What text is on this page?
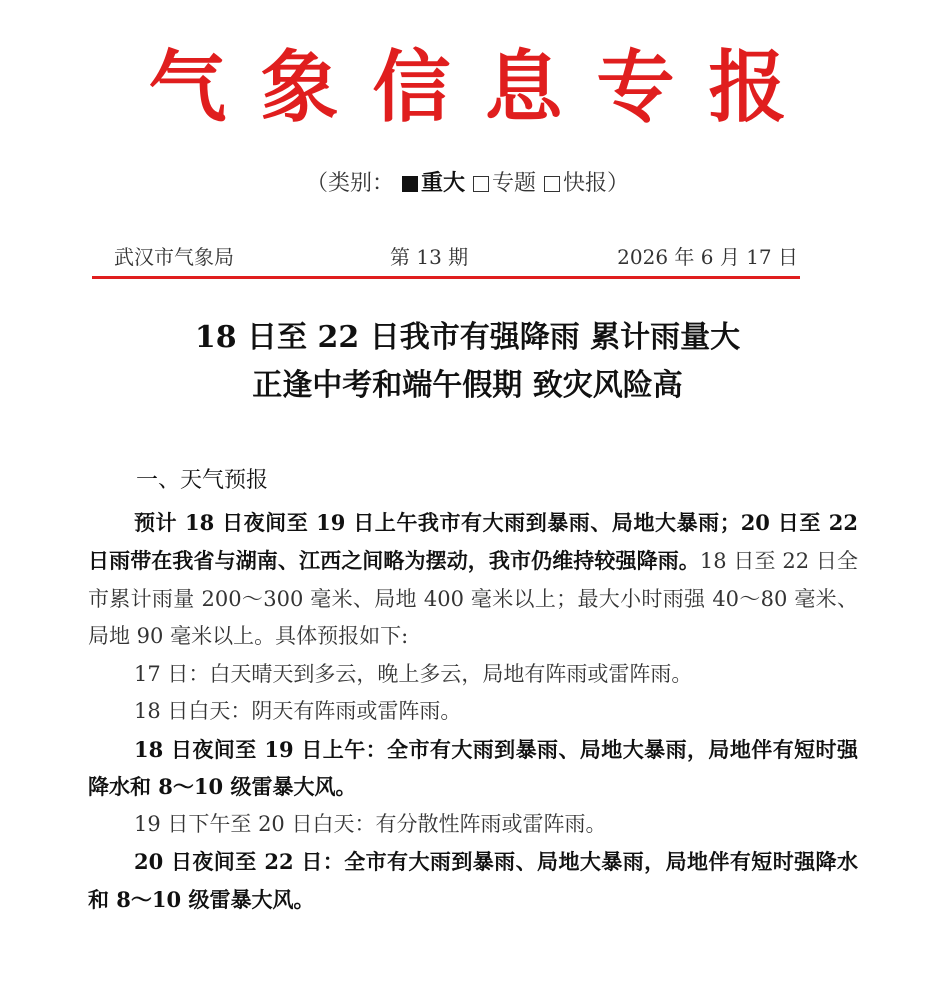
气象信息专报
（类别： 重大 专题 快报）
武汉市气象局	第 13 期	2026 年 6 月 17 日
18 日至 22 日我市有强降雨 累计雨量大
正逢中考和端午假期 致灾风险高

一、天气预报

预计 18 日夜间至 19 日上午我市有大雨到暴雨、局地大暴雨；20 日至 22 日雨带在我省与湖南、江西之间略为摆动，我市仍维持较强降雨。18 日至 22 日全市累计雨量 200～300 毫米、局地 400 毫米以上；最大小时雨强 40～80 毫米、局地 90 毫米以上。具体预报如下:

17 日：白天晴天到多云，晚上多云，局地有阵雨或雷阵雨。

18 日白天：阴天有阵雨或雷阵雨。

18 日夜间至 19 日上午：全市有大雨到暴雨、局地大暴雨，局地伴有短时强降水和 8～10 级雷暴大风。

19 日下午至 20 日白天：有分散性阵雨或雷阵雨。

20 日夜间至 22 日：全市有大雨到暴雨、局地大暴雨，局地伴有短时强降水和 8～10 级雷暴大风。
